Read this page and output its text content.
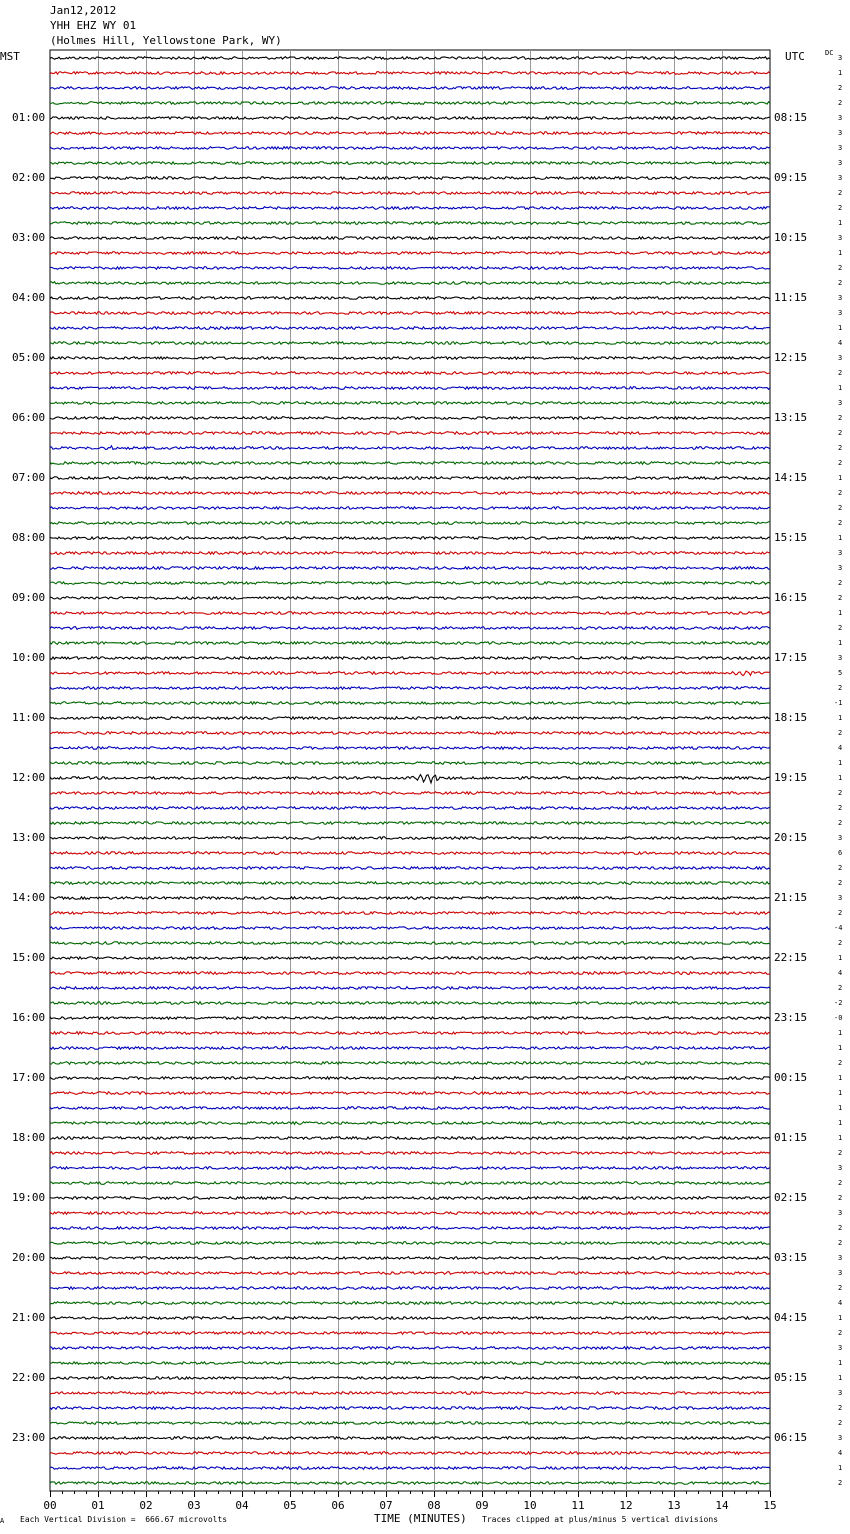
Jan12,2012
YHH EHZ WY 01
(Holmes Hill, Yellowstone Park, WY)
MST	UTC	DC
00	01	02	03	04	05	06	07	08	09	10	11	12	13	14	15
01:00
02:00
03:00
04:00
05:00
06:00
07:00
08:00
09:00
10:00
11:00
12:00
13:00
14:00
15:00
16:00
17:00
18:00
19:00
20:00
21:00
22:00
23:00
08:15
09:15
10:15
11:15
12:15
13:15
14:15
15:15
16:15
17:15
18:15
19:15
20:15
21:15
22:15
23:15
00:15
01:15
02:15
03:15
04:15
05:15
06:15
3
1
2
2
3
3
3
3
3
2
2
1
3
1
2
2
3
3
1
4
3
2
1
3
2
2
2
2
1
2
2
2
1
3
3
2
2
1
2
1
3
5
2
-1
1
2
4
1
1
2
2
2
3
6
2
2
3
2
-4
2
1
4
2
-2
-0
1
1
2
1
1
1
1
1
2
3
2
2
3
2
2
3
3
2
4
1
2
3
1
1
3
2
2
3
4
1
2
A Each Vertical Division =  666.67 microvolts	TIME (MINUTES) Traces clipped at plus/minus 5 vertical divisions
